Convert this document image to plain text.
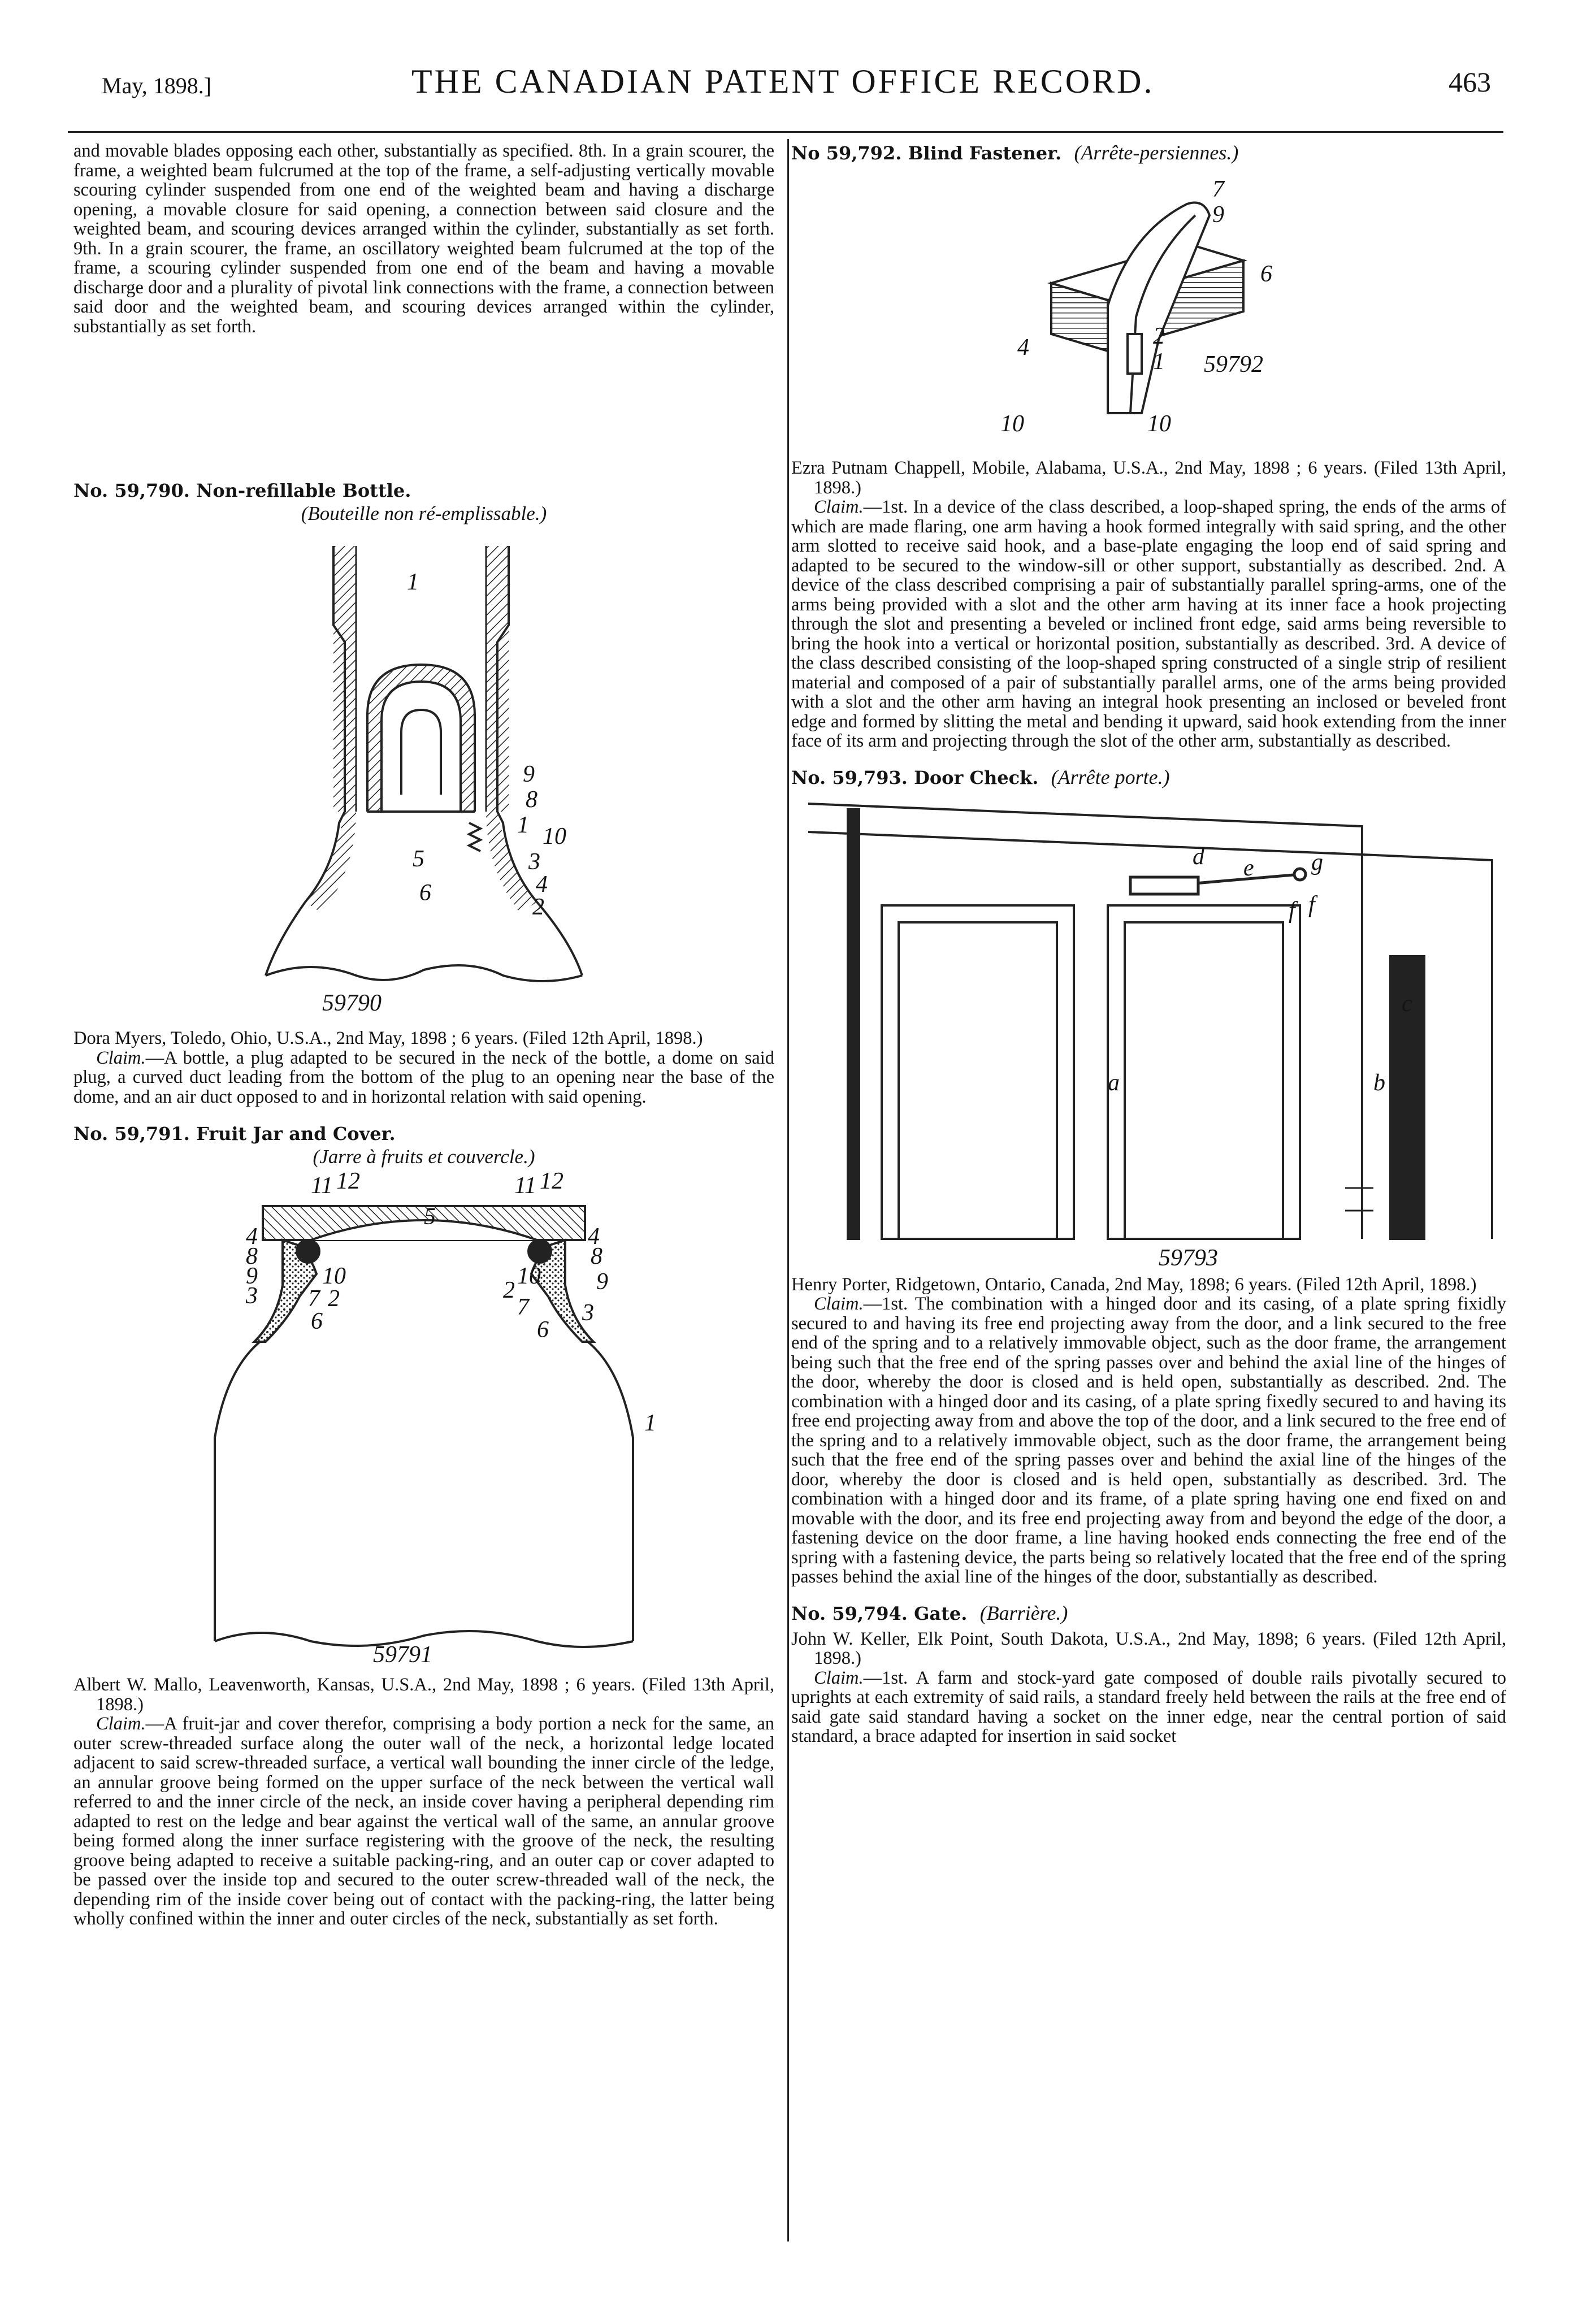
May, 1898.]	THE CANADIAN PATENT OFFICE RECORD.	463

and movable blades opposing each other, substantially as specified. 8th. In a grain scourer, the frame, a weighted beam fulcrumed at the top of the frame, a self-adjusting vertically movable scouring cylinder suspended from one end of the weighted beam and having a discharge opening, a movable closure for said opening, a connection between said closure and the weighted beam, and scouring devices arranged within the cylinder, substantially as set forth. 9th. In a grain scourer, the frame, an oscillatory weighted beam fulcrumed at the top of the frame, a scouring cylinder suspended from one end of the beam and having a movable discharge door and a plurality of pivotal link connections with the frame, a connection between said door and the weighted beam, and scouring devices arranged within the cylinder, substantially as set forth.

No. 59,790. Non-refillable Bottle.
(Bouteille non ré-emplissable.)
1
9
8
1 10
5	3
6	4
2
59790

Dora Myers, Toledo, Ohio, U.S.A., 2nd May, 1898 ; 6 years. (Filed 12th April, 1898.)

Claim.—A bottle, a plug adapted to be secured in the neck of the bottle, a dome on said plug, a curved duct leading from the bottom of the plug to an opening near the base of the dome, and an air duct opposed to and in horizontal relation with said opening.

No. 59,791. Fruit Jar and Cover.
(Jarre à fruits et couvercle.)
11 12	11 12
5
4
8
9
3
10
7 2
6
10
2
7
4
8
9
3
6
1
59791

Albert W. Mallo, Leavenworth, Kansas, U.S.A., 2nd May, 1898 ; 6 years. (Filed 13th April, 1898.)

Claim.—A fruit-jar and cover therefor, comprising a body portion a neck for the same, an outer screw-threaded surface along the outer wall of the neck, a horizontal ledge located adjacent to said screw-threaded surface, a vertical wall bounding the inner circle of the ledge, an annular groove being formed on the upper surface of the neck between the vertical wall referred to and the inner circle of the neck, an inside cover having a peripheral depending rim adapted to rest on the ledge and bear against the vertical wall of the same, an annular groove being formed along the inner surface registering with the groove of the neck, the resulting groove being adapted to receive a suitable packing-ring, and an outer cap or cover adapted to be passed over the inside top and secured to the outer screw-threaded wall of the neck, the depending rim of the inside cover being out of contact with the packing-ring, the latter being wholly confined within the inner and outer circles of the neck, substantially as set forth.

No 59,792. Blind Fastener. (Arrête-persiennes.)
7
9
6
4	2
1
10	10
59792

Ezra Putnam Chappell, Mobile, Alabama, U.S.A., 2nd May, 1898 ; 6 years. (Filed 13th April, 1898.)

Claim.—1st. In a device of the class described, a loop-shaped spring, the ends of the arms of which are made flaring, one arm having a hook formed integrally with said spring, and the other arm slotted to receive said hook, and a base-plate engaging the loop end of said spring and adapted to be secured to the window-sill or other support, substantially as described. 2nd. A device of the class described comprising a pair of substantially parallel spring-arms, one of the arms being provided with a slot and the other arm having at its inner face a hook projecting through the slot and presenting a beveled or inclined front edge, said arms being reversible to bring the hook into a vertical or horizontal position, substantially as described. 3rd. A device of the class described consisting of the loop-shaped spring constructed of a single strip of resilient material and composed of a pair of substantially parallel arms, one of the arms being provided with a slot and the other arm having an integral hook presenting an inclosed or beveled front edge and formed by slitting the metal and bending it upward, said hook extending from the inner face of its arm and projecting through the slot of the other arm, substantially as described.

No. 59,793. Door Check. (Arrête porte.)
d e g
f f
c
a	b
59793

Henry Porter, Ridgetown, Ontario, Canada, 2nd May, 1898; 6 years. (Filed 12th April, 1898.)

Claim.—1st. The combination with a hinged door and its casing, of a plate spring fixidly secured to and having its free end projecting away from the door, and a link secured to the free end of the spring and to a relatively immovable object, such as the door frame, the arrangement being such that the free end of the spring passes over and behind the axial line of the hinges of the door, whereby the door is closed and is held open, substantially as described. 2nd. The combination with a hinged door and its casing, of a plate spring fixedly secured to and having its free end projecting away from and above the top of the door, and a link secured to the free end of the spring and to a relatively immovable object, such as the door frame, the arrangement being such that the free end of the spring passes over and behind the axial line of the hinges of the door, whereby the door is closed and is held open, substantially as described. 3rd. The combination with a hinged door and its frame, of a plate spring having one end fixed on and movable with the door, and its free end projecting away from and beyond the edge of the door, a fastening device on the door frame, a line having hooked ends connecting the free end of the spring with a fastening device, the parts being so relatively located that the free end of the spring passes behind the axial line of the hinges of the door, substantially as described.

No. 59,794. Gate. (Barrière.)

John W. Keller, Elk Point, South Dakota, U.S.A., 2nd May, 1898; 6 years. (Filed 12th April, 1898.)

Claim.—1st. A farm and stock-yard gate composed of double rails pivotally secured to uprights at each extremity of said rails, a standard freely held between the rails at the free end of said gate said standard having a socket on the inner edge, near the central portion of said standard, a brace adapted for insertion in said socket
